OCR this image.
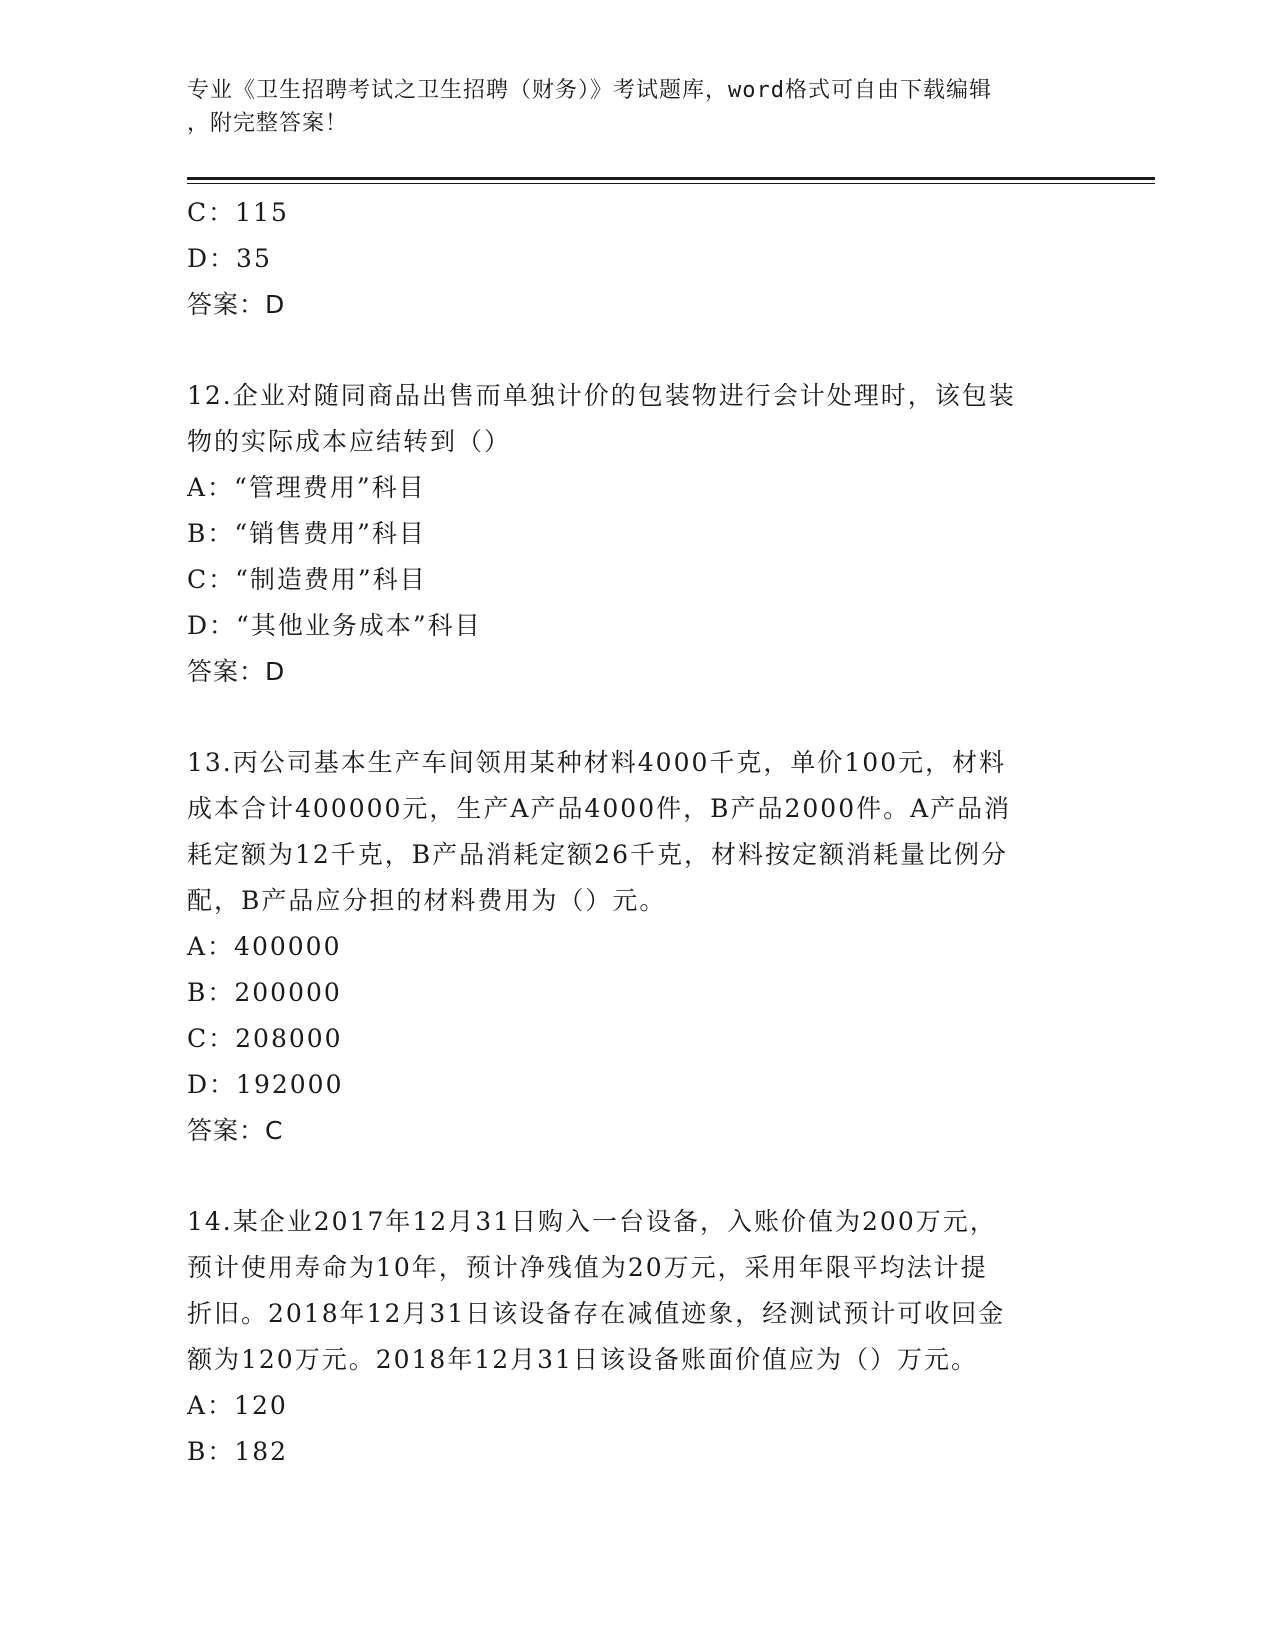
专业《卫生招聘考试之卫生招聘（财务）》考试题库，word格式可自由下载编辑
，附完整答案！
C：115
D：35
答案：D
12.企业对随同商品出售而单独计价的包装物进行会计处理时，该包装
物的实际成本应结转到（）
A：“管理费用”科目
B：“销售费用”科目
C：“制造费用”科目
D：“其他业务成本”科目
答案：D
13.丙公司基本生产车间领用某种材料4000千克，单价100元，材料
成本合计400000元，生产A产品4000件，B产品2000件。A产品消
耗定额为12千克，B产品消耗定额26千克，材料按定额消耗量比例分
配，B产品应分担的材料费用为（）元。
A：400000
B：200000
C：208000
D：192000
答案：C
14.某企业2017年12月31日购入一台设备，入账价值为200万元，
预计使用寿命为10年，预计净残值为20万元，采用年限平均法计提
折旧。2018年12月31日该设备存在减值迹象，经测试预计可收回金
额为120万元。2018年12月31日该设备账面价值应为（）万元。
A：120
B：182
